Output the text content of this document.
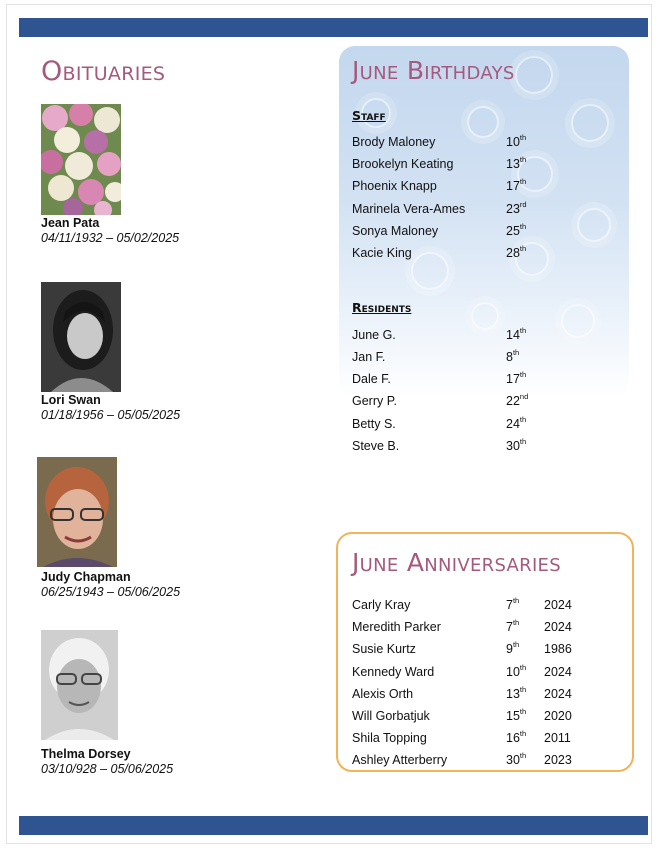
Obituaries
Jean Pata
04/11/1932 – 05/02/2025
Lori Swan
01/18/1956 – 05/05/2025
Judy Chapman
06/25/1943 – 05/06/2025
Thelma Dorsey
03/10/928 – 05/06/2025
June Birthdays
Staff
Brody Maloney	10th
Brookelyn Keating	13th
Phoenix Knapp	17th
Marinela Vera-Ames	23rd
Sonya Maloney	25th
Kacie King	28th
Residents
June G.	14th
Jan F.	8th
Dale F.	17th
Gerry P.	22nd
Betty S.	24th
Steve B.	30th
June Anniversaries
Carly Kray	7th 2024
Meredith Parker	7th 2024
Susie Kurtz	9th 1986
Kennedy Ward	10th 2024
Alexis Orth	13th 2024
Will Gorbatjuk	15th 2020
Shila Topping	16th 2011
Ashley Atterberry	30th 2023
